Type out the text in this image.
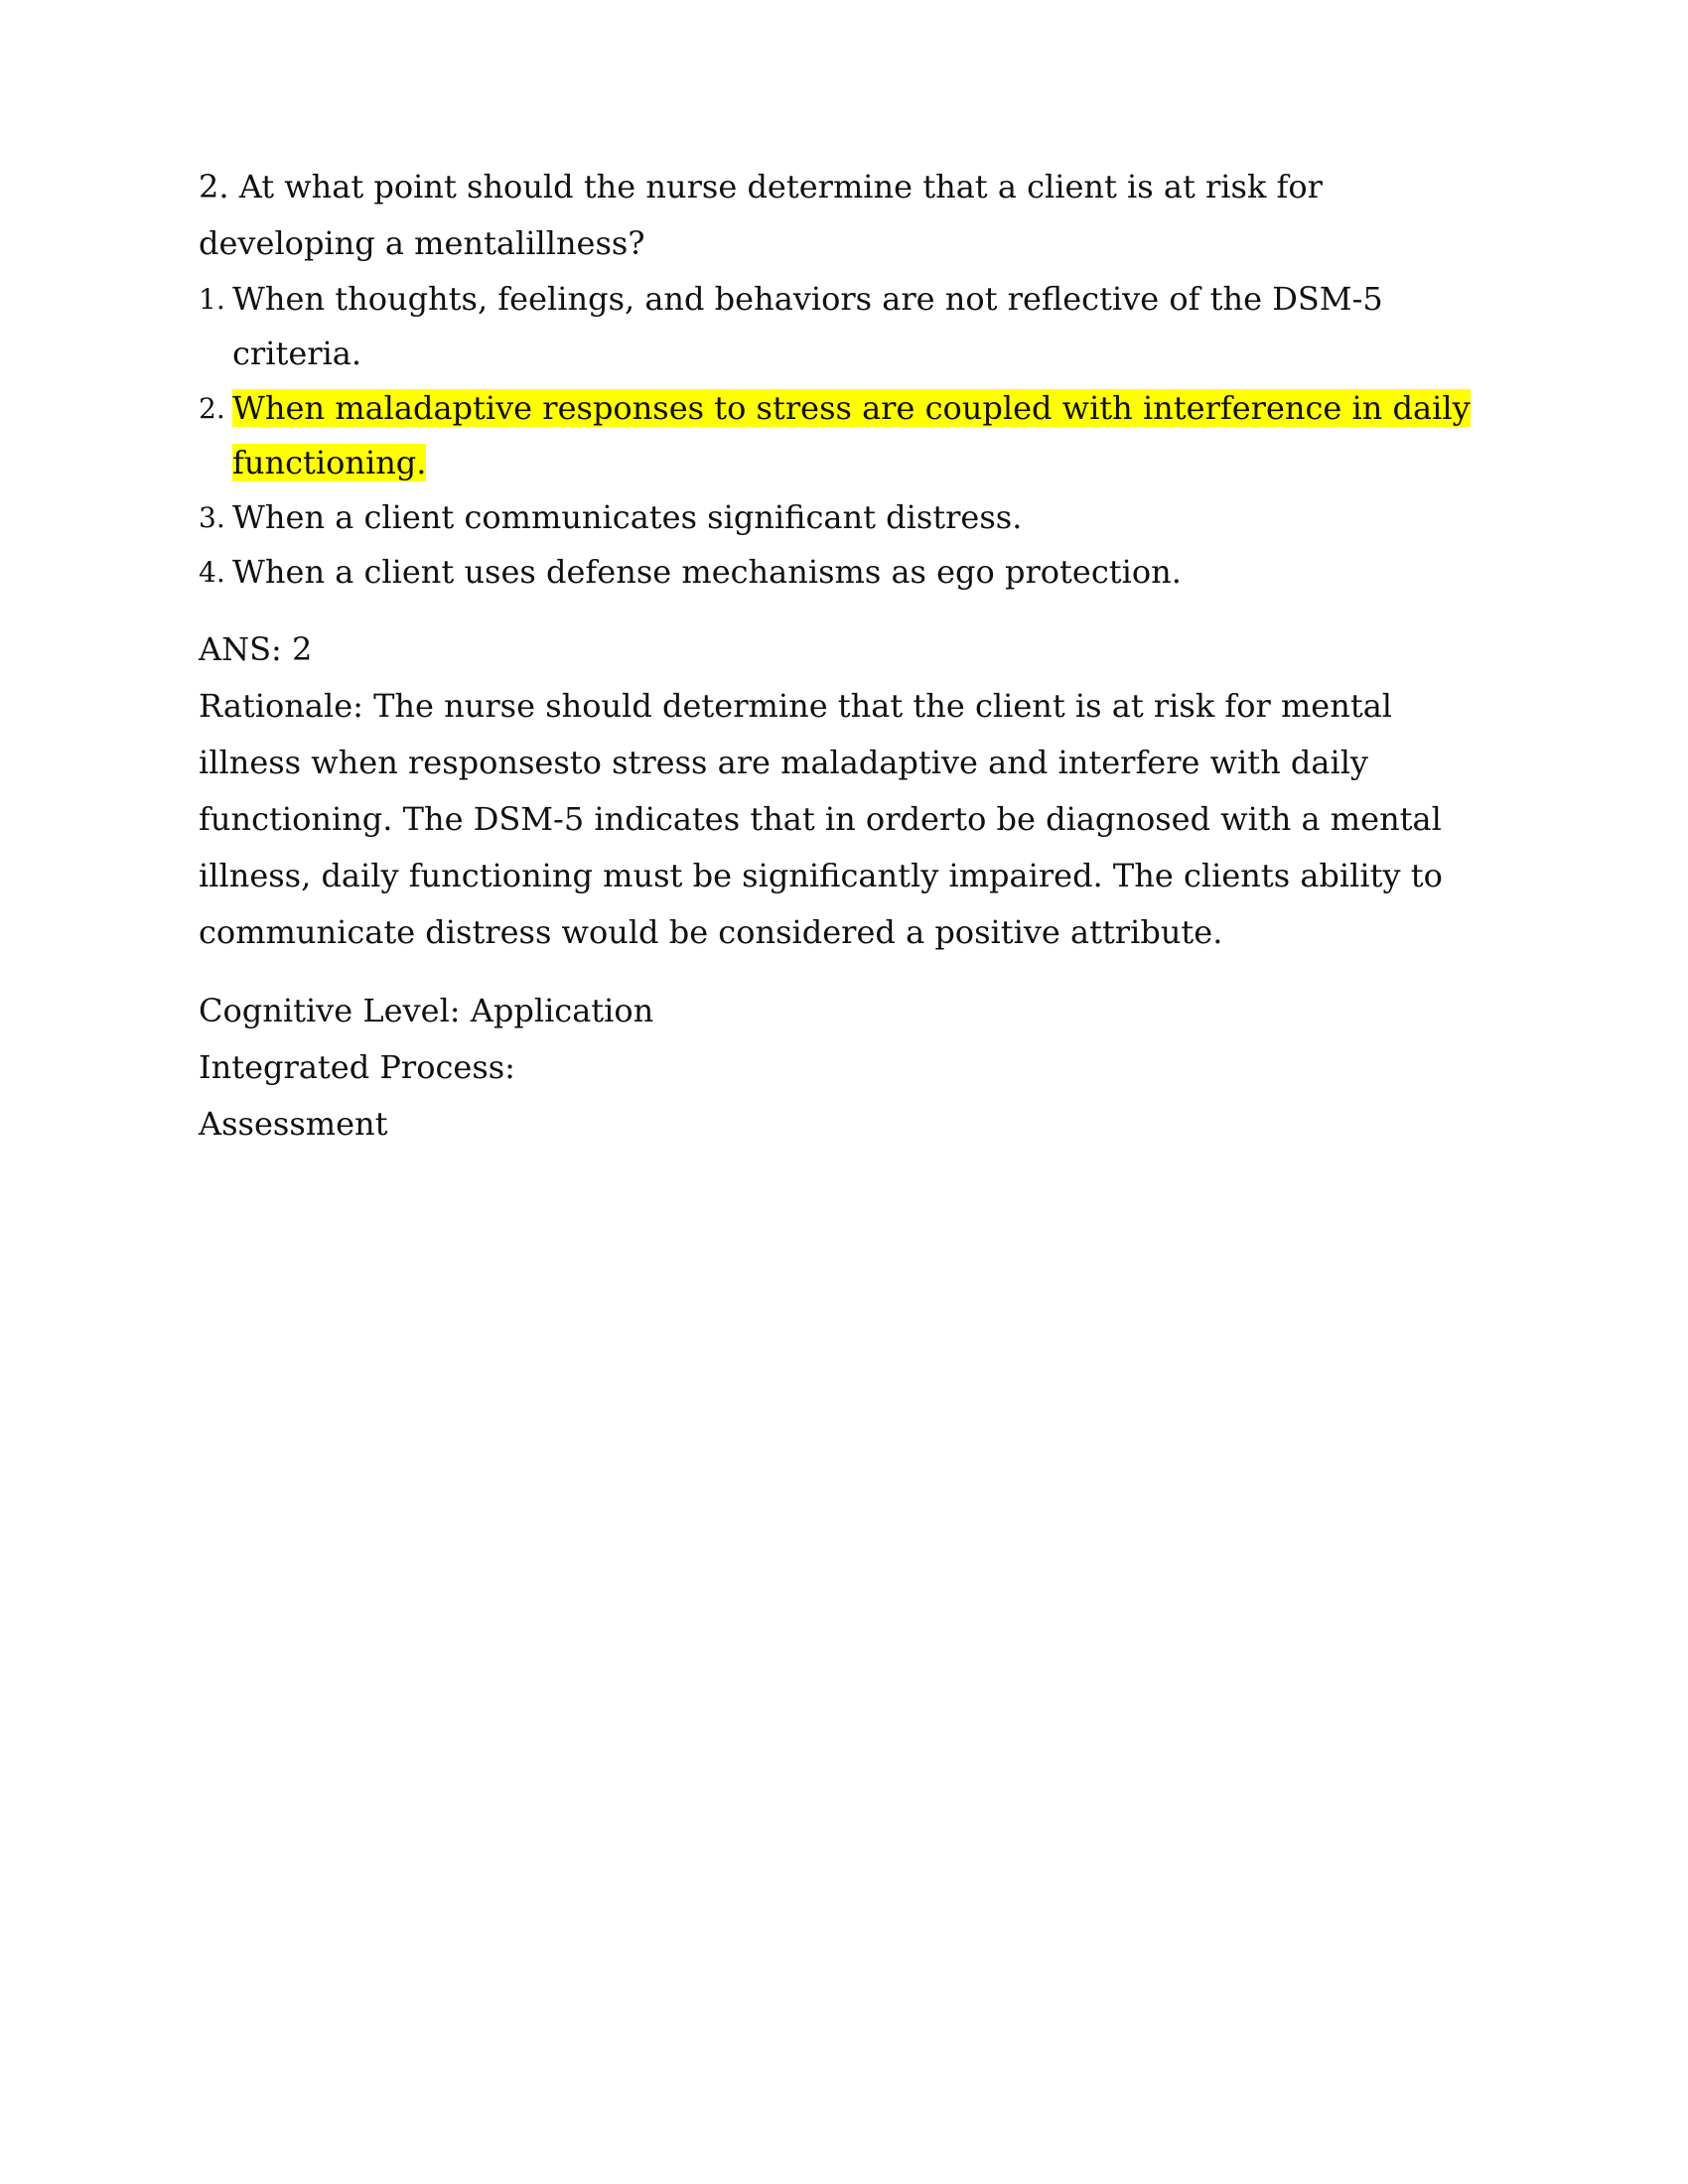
2. At what point should the nurse determine that a client is at risk for developing a mentalillness?

1. When thoughts, feelings, and behaviors are not reflective of the DSM-5 criteria.
2. When maladaptive responses to stress are coupled with interference in daily functioning.
3. When a client communicates significant distress.
4. When a client uses defense mechanisms as ego protection.
ANS: 2

Rationale: The nurse should determine that the client is at risk for mental illness when responsesto stress are maladaptive and interfere with daily functioning. The DSM-5 indicates that in orderto be diagnosed with a mental illness, daily functioning must be significantly impaired. The clients ability to communicate distress would be considered a positive attribute.

Cognitive Level: Application
Integrated Process:
Assessment
